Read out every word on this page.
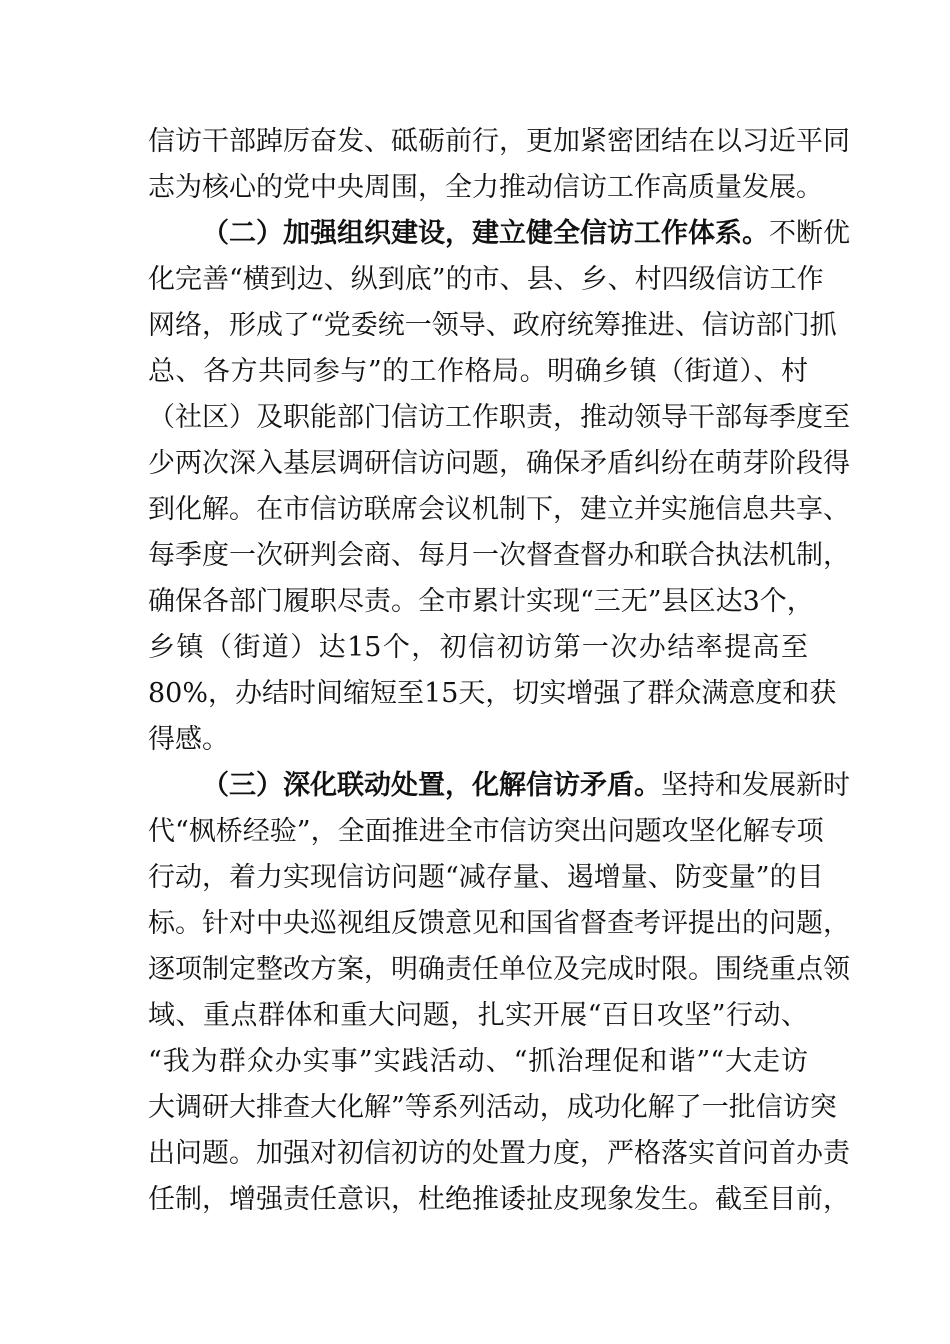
信访干部踔厉奋发、砥砺前行，更加紧密团结在以习近平同
志为核心的党中央周围，全力推动信访工作高质量发展。
（二）加强组织建设，建立健全信访工作体系。不断优
化完善“横到边、纵到底”的市、县、乡、村四级信访工作
网络，形成了“党委统一领导、政府统筹推进、信访部门抓
总、各方共同参与”的工作格局。明确乡镇（街道）、村
（社区）及职能部门信访工作职责，推动领导干部每季度至
少两次深入基层调研信访问题，确保矛盾纠纷在萌芽阶段得
到化解。在市信访联席会议机制下，建立并实施信息共享、
每季度一次研判会商、每月一次督查督办和联合执法机制，
确保各部门履职尽责。全市累计实现“三无”县区达3个，
乡镇（街道）达15个，初信初访第一次办结率提高至
80%，办结时间缩短至15天，切实增强了群众满意度和获
得感。
（三）深化联动处置，化解信访矛盾。坚持和发展新时
代“枫桥经验”，全面推进全市信访突出问题攻坚化解专项
行动，着力实现信访问题“减存量、遏增量、防变量”的目
标。针对中央巡视组反馈意见和国省督查考评提出的问题，
逐项制定整改方案，明确责任单位及完成时限。围绕重点领
域、重点群体和重大问题，扎实开展“百日攻坚”行动、
“我为群众办实事”实践活动、“抓治理促和谐”“大走访
大调研大排查大化解”等系列活动，成功化解了一批信访突
出问题。加强对初信初访的处置力度，严格落实首问首办责
任制，增强责任意识，杜绝推诿扯皮现象发生。截至目前，
